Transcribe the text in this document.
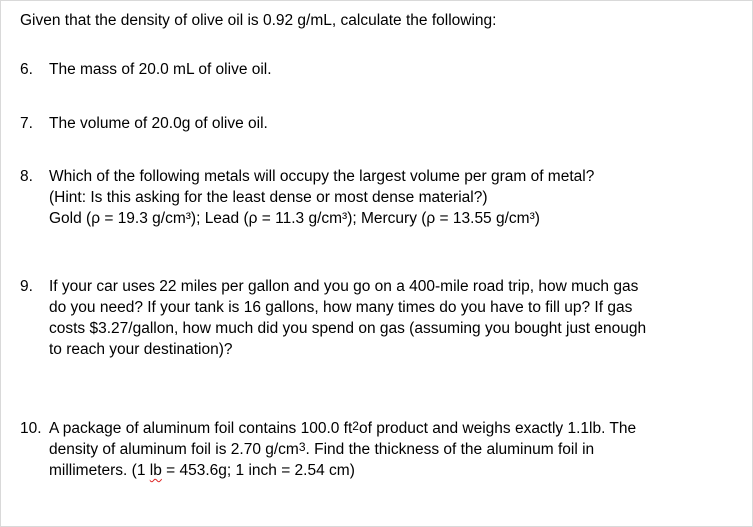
Given that the density of olive oil is 0.92 g/mL, calculate the following:
6. The mass of 20.0 mL of olive oil.
7. The volume of 20.0g of olive oil.
8. Which of the following metals will occupy the largest volume per gram of metal?
(Hint: Is this asking for the least dense or most dense material?)
Gold (ρ = 19.3 g/cm³); Lead (ρ = 11.3 g/cm³); Mercury (ρ = 13.55 g/cm³)
9. If your car uses 22 miles per gallon and you go on a 400-mile road trip, how much gas
do you need? If your tank is 16 gallons, how many times do you have to fill up? If gas
costs $3.27/gallon, how much did you spend on gas (assuming you bought just enough
to reach your destination)?
10. A package of aluminum foil contains 100.0 $ft^2of$ product and weighs exactly 1.1lb. The
density of aluminum foil is 2.70 $g/cm^3$. Find the thickness of the aluminum foil in
millimeters. (1 lb = 453.6g; 1 inch = 2.54 cm)
